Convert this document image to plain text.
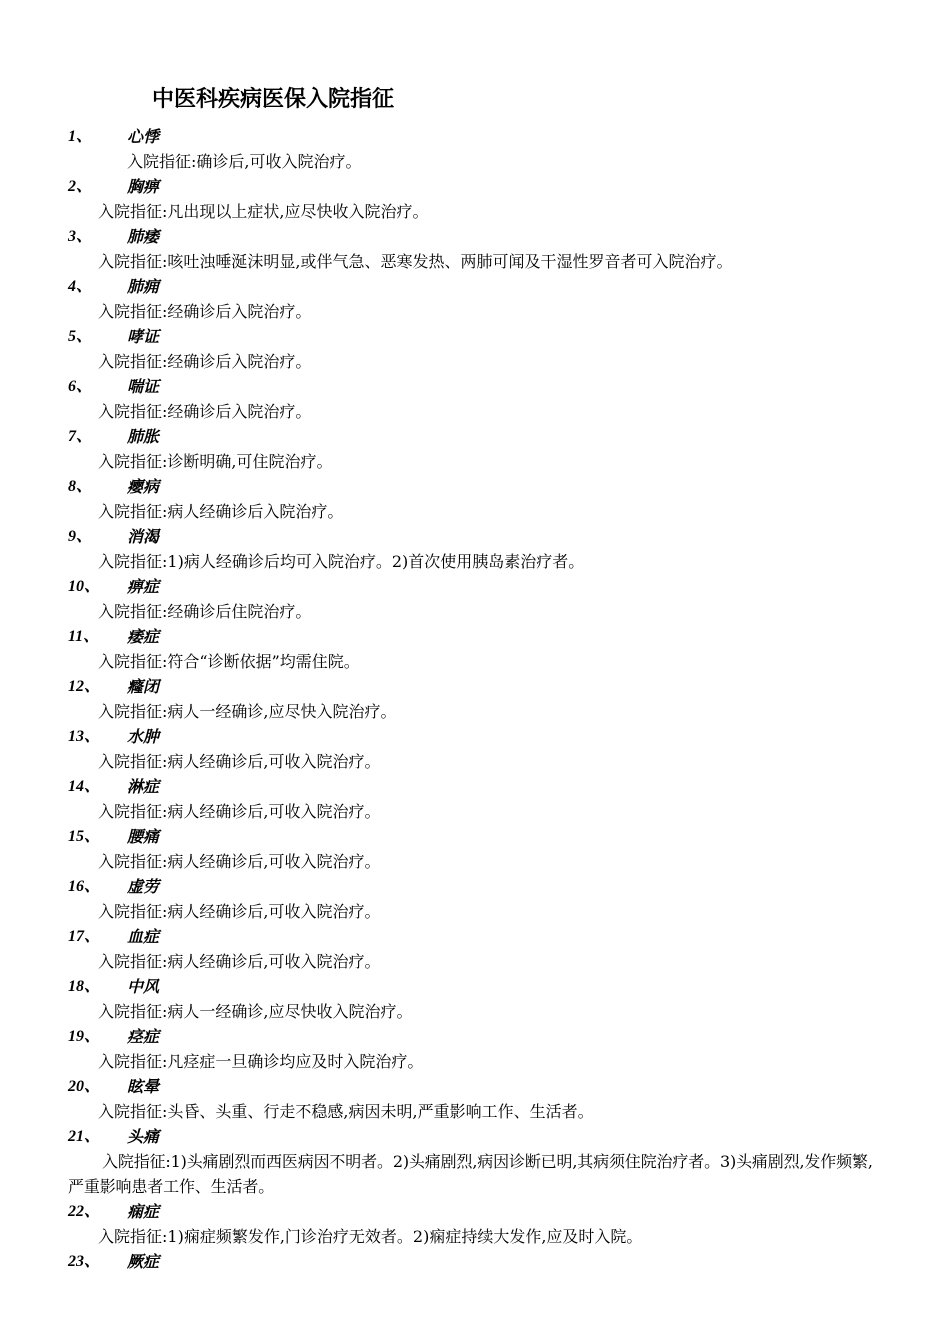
中医科疾病医保入院指征
1、 心悸

入院指征:确诊后,可收入院治疗。

2、 胸痹

入院指征:凡出现以上症状,应尽快收入院治疗。

3、 肺痿

入院指征:咳吐浊唾涎沫明显,或伴气急、恶寒发热、两肺可闻及干湿性罗音者可入院治疗。

4、 肺痈

入院指征:经确诊后入院治疗。

5、 哮证

入院指征:经确诊后入院治疗。

6、 喘证

入院指征:经确诊后入院治疗。

7、 肺胀

入院指征:诊断明确,可住院治疗。

8、 瘿病

入院指征:病人经确诊后入院治疗。

9、 消渴

入院指征:1)病人经确诊后均可入院治疗。2)首次使用胰岛素治疗者。

10、 痹症

入院指征:经确诊后住院治疗。

11、 痿症

入院指征:符合“诊断依据”均需住院。

12、 癃闭

入院指征:病人一经确诊,应尽快入院治疗。

13、 水肿

入院指征:病人经确诊后,可收入院治疗。

14、 淋症

入院指征:病人经确诊后,可收入院治疗。

15、 腰痛

入院指征:病人经确诊后,可收入院治疗。

16、 虚劳

入院指征:病人经确诊后,可收入院治疗。

17、 血症

入院指征:病人经确诊后,可收入院治疗。

18、 中风

入院指征:病人一经确诊,应尽快收入院治疗。

19、 痉症

入院指征:凡痉症一旦确诊均应及时入院治疗。

20、 眩晕

入院指征:头昏、头重、行走不稳感,病因未明,严重影响工作、生活者。

21、 头痛

入院指征:1)头痛剧烈而西医病因不明者。2)头痛剧烈,病因诊断已明,其病须住院治疗者。3)头痛剧烈,发作频繁,严重影响患者工作、生活者。

22、 痫症

入院指征:1)痫症频繁发作,门诊治疗无效者。2)痫症持续大发作,应及时入院。

23、 厥症
